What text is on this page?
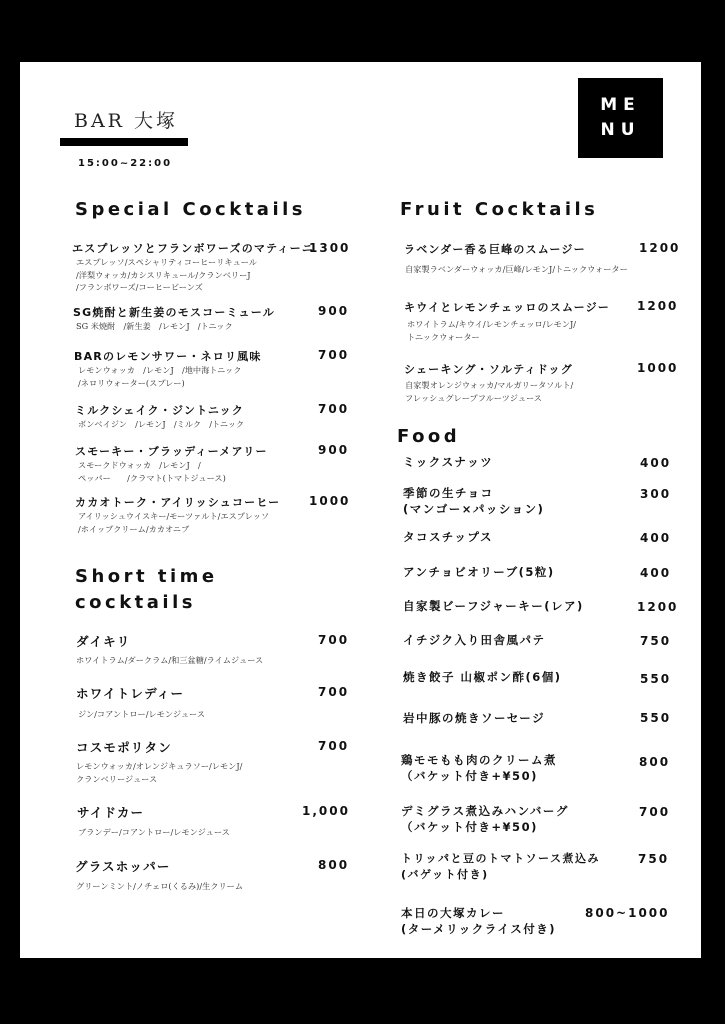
BAR 大塚
15:00~22:00
ME
NU
Special Cocktails
エスプレッソとフランボワーズのマティーニ
1300
エスプレッソ/スペシャリティコーヒーリキュール
/洋梨ウォッカ/カシスリキュール/クランベリーJ
/フランボワーズ/コーヒービーンズ
SG焼酎と新生姜のモスコーミュール	900
SG 米焼酎　/新生姜　/レモンJ　/トニック
BARのレモンサワー・ネロリ風味	700
レモンウォッカ　/レモンJ　/地中海トニック
/ネロリウォーター(スプレー)
ミルクシェイク・ジントニック	700
ボンベイジン　/レモンJ　/ミルク　/トニック
スモーキー・ブラッディーメアリー	900
スモークドウォッカ　/レモンJ　/
ペッパー　　/クラマト(トマトジュース)
カカオトーク・アイリッシュコーヒー 1000
アイリッシュウイスキー/モーツァルト/エスプレッソ
/ホイップクリーム/カカオニブ
Short time
cocktails
ダイキリ	700
ホワイトラム/ダークラム/和三盆糖/ライムジュース
ホワイトレディー	700
ジン/コアントロー/レモンジュース
コスモポリタン	700
レモンウォッカ/オレンジキュラソー/レモンJ/
クランベリージュース
サイドカー	1,000
ブランデー/コアントロー/レモンジュース
グラスホッパー	800
グリーンミント/ノチェロ(くるみ)/生クリーム
Fruit Cocktails
ラベンダー香る巨峰のスムージー	1200
自家製ラベンダーウォッカ/巨峰/レモンJ/トニックウォーター
キウイとレモンチェッロのスムージー 1200
ホワイトラム/キウイ/レモンチェッロ/レモンJ/
トニックウォーター
シェーキング・ソルティドッグ	1000
自家製オレンジウォッカ/マルガリータソルト/
フレッシュグレープフルーツジュース
Food
ミックスナッツ	400
季節の生チョコ
(マンゴー×パッション)
300
タコスチップス	400
アンチョビオリーブ(5粒)	400
自家製ビーフジャーキー(レア)	1200
イチジク入り田舎風パテ	750
焼き餃子 山椒ポン酢(6個)	550
岩中豚の焼きソーセージ	550
鶏モモもも肉のクリーム煮
（バケット付き+¥50)
800
デミグラス煮込みハンバーグ
（バケット付き+¥50)
700
トリッパと豆のトマトソース煮込み
(バゲット付き)
750
本日の大塚カレー
(ターメリックライス付き)
800~1000
